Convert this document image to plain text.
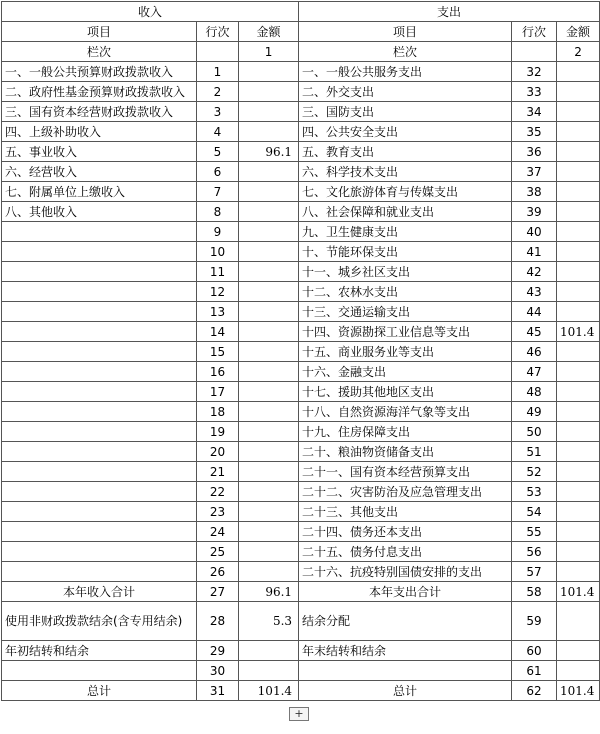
收入			支出		
项目	行次	金额	项目	行次	金额
栏次		1	栏次		2
一、一般公共预算财政拨款收入	1		一、一般公共服务支出	32	
二、政府性基金预算财政拨款收入	2		二、外交支出	33	
三、国有资本经营财政拨款收入	3		三、国防支出	34	
四、上级补助收入	4		四、公共安全支出	35	
五、事业收入	5	96.1	五、教育支出	36	
六、经营收入	6		六、科学技术支出	37	
七、附属单位上缴收入	7		七、文化旅游体育与传媒支出	38	
八、其他收入	8		八、社会保障和就业支出	39	
	9		九、卫生健康支出	40	
	10		十、节能环保支出	41	
	11		十一、城乡社区支出	42	
	12		十二、农林水支出	43	
	13		十三、交通运输支出	44	
	14		十四、资源勘探工业信息等支出	45	101.4
	15		十五、商业服务业等支出	46	
	16		十六、金融支出	47	
	17		十七、援助其他地区支出	48	
	18		十八、自然资源海洋气象等支出	49	
	19		十九、住房保障支出	50	
	20		二十、粮油物资储备支出	51	
	21		二十一、国有资本经营预算支出	52	
	22		二十二、灾害防治及应急管理支出	53	
	23		二十三、其他支出	54	
	24		二十四、债务还本支出	55	
	25		二十五、债务付息支出	56	
	26		二十六、抗疫特别国债安排的支出	57	
本年收入合计	27	96.1	本年支出合计	58	101.4
使用非财政拨款结余(含专用结余)	28	5.3	结余分配	59	
年初结转和结余	29		年末结转和结余	60	
	30			61	
总计	31	101.4	总计	62	101.4
+
